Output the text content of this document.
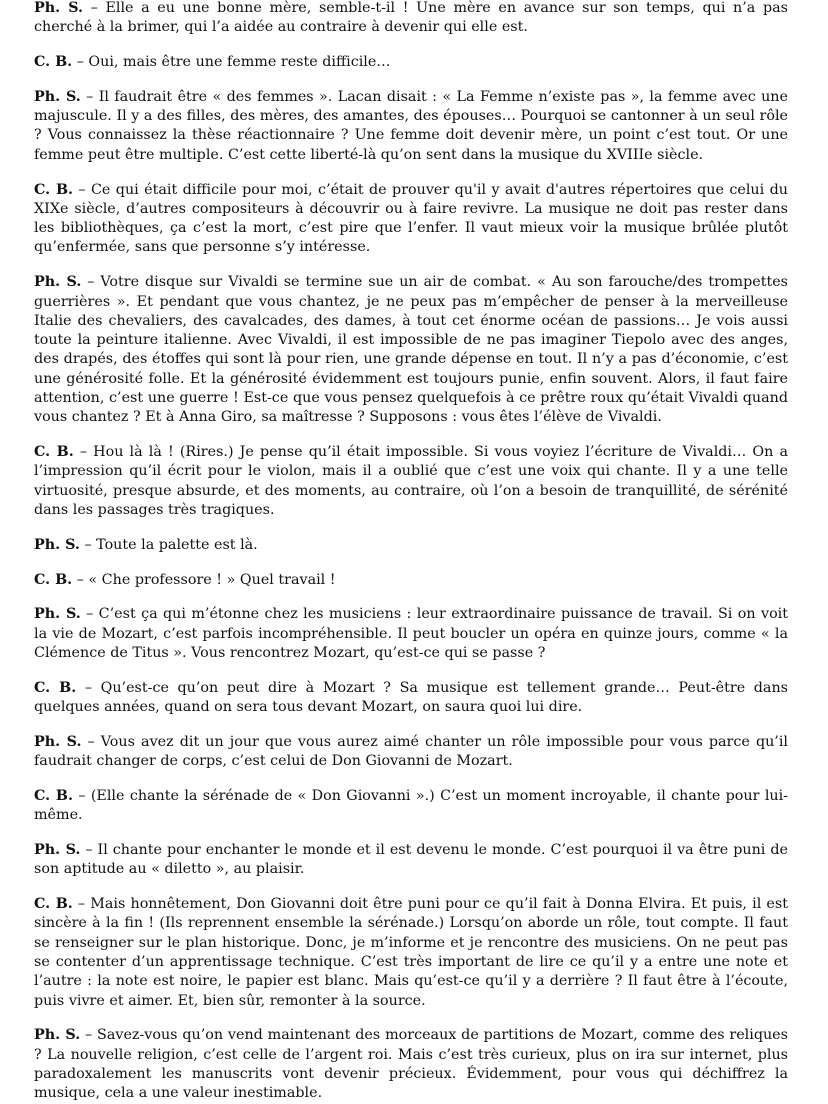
Ph. S. – Elle a eu une bonne mère, semble-t-il ! Une mère en avance sur son temps, qui n’a pas cherché à la brimer, qui l’a aidée au contraire à devenir qui elle est.

C. B. – Oui, mais être une femme reste difficile…

Ph. S. – Il faudrait être « des femmes ». Lacan disait : « La Femme n’existe pas », la femme avec une majuscule. Il y a des filles, des mères, des amantes, des épouses… Pourquoi se cantonner à un seul rôle ? Vous connaissez la thèse réactionnaire ? Une femme doit devenir mère, un point c’est tout. Or une femme peut être multiple. C’est cette liberté-là qu’on sent dans la musique du XVIIIe siècle.

C. B. – Ce qui était difficile pour moi, c’était de prouver qu'il y avait d'autres répertoires que celui du XIXe siècle, d’autres compositeurs à découvrir ou à faire revivre. La musique ne doit pas rester dans les bibliothèques, ça c’est la mort, c’est pire que l’enfer. Il vaut mieux voir la musique brûlée plutôt qu’enfermée, sans que personne s’y intéresse.

Ph. S. – Votre disque sur Vivaldi se termine sue un air de combat. « Au son farouche/des trompettes guerrières ». Et pendant que vous chantez, je ne peux pas m’empêcher de penser à la merveilleuse Italie des chevaliers, des cavalcades, des dames, à tout cet énorme océan de passions… Je vois aussi toute la peinture italienne. Avec Vivaldi, il est impossible de ne pas imaginer Tiepolo avec des anges, des drapés, des étoffes qui sont là pour rien, une grande dépense en tout. Il n’y a pas d’économie, c’est une générosité folle. Et la générosité évidemment est toujours punie, enfin souvent. Alors, il faut faire attention, c’est une guerre ! Est-ce que vous pensez quelquefois à ce prêtre roux qu’était Vivaldi quand vous chantez ? Et à Anna Giro, sa maîtresse ? Supposons : vous êtes l’élève de Vivaldi.

C. B. – Hou là là ! (Rires.) Je pense qu’il était impossible. Si vous voyiez l’écriture de Vivaldi… On a l’impression qu’il écrit pour le violon, mais il a oublié que c’est une voix qui chante. Il y a une telle virtuosité, presque absurde, et des moments, au contraire, où l’on a besoin de tranquillité, de sérénité dans les passages très tragiques.

Ph. S. – Toute la palette est là.

C. B. – « Che professore ! » Quel travail !

Ph. S. – C’est ça qui m’étonne chez les musiciens : leur extraordinaire puissance de travail. Si on voit la vie de Mozart, c’est parfois incompréhensible. Il peut boucler un opéra en quinze jours, comme « la Clémence de Titus ». Vous rencontrez Mozart, qu’est-ce qui se passe ?

C. B. – Qu’est-ce qu’on peut dire à Mozart ? Sa musique est tellement grande… Peut-être dans quelques années, quand on sera tous devant Mozart, on saura quoi lui dire.

Ph. S. – Vous avez dit un jour que vous aurez aimé chanter un rôle impossible pour vous parce qu’il faudrait changer de corps, c’est celui de Don Giovanni de Mozart.

C. B. – (Elle chante la sérénade de « Don Giovanni ».) C’est un moment incroyable, il chante pour lui-même.

Ph. S. – Il chante pour enchanter le monde et il est devenu le monde. C’est pourquoi il va être puni de son aptitude au « diletto », au plaisir.

C. B. – Mais honnêtement, Don Giovanni doit être puni pour ce qu’il fait à Donna Elvira. Et puis, il est sincère à la fin ! (Ils reprennent ensemble la sérénade.) Lorsqu’on aborde un rôle, tout compte. Il faut se renseigner sur le plan historique. Donc, je m’informe et je rencontre des musiciens. On ne peut pas se contenter d’un apprentissage technique. C’est très important de lire ce qu’il y a entre une note et l’autre : la note est noire, le papier est blanc. Mais qu’est-ce qu’il y a derrière ? Il faut être à l’écoute, puis vivre et aimer. Et, bien sûr, remonter à la source.

Ph. S. – Savez-vous qu’on vend maintenant des morceaux de partitions de Mozart, comme des reliques ? La nouvelle religion, c’est celle de l’argent roi. Mais c’est très curieux, plus on ira sur internet, plus paradoxalement les manuscrits vont devenir précieux. Évidemment, pour vous qui déchiffrez la musique, cela a une valeur inestimable.
